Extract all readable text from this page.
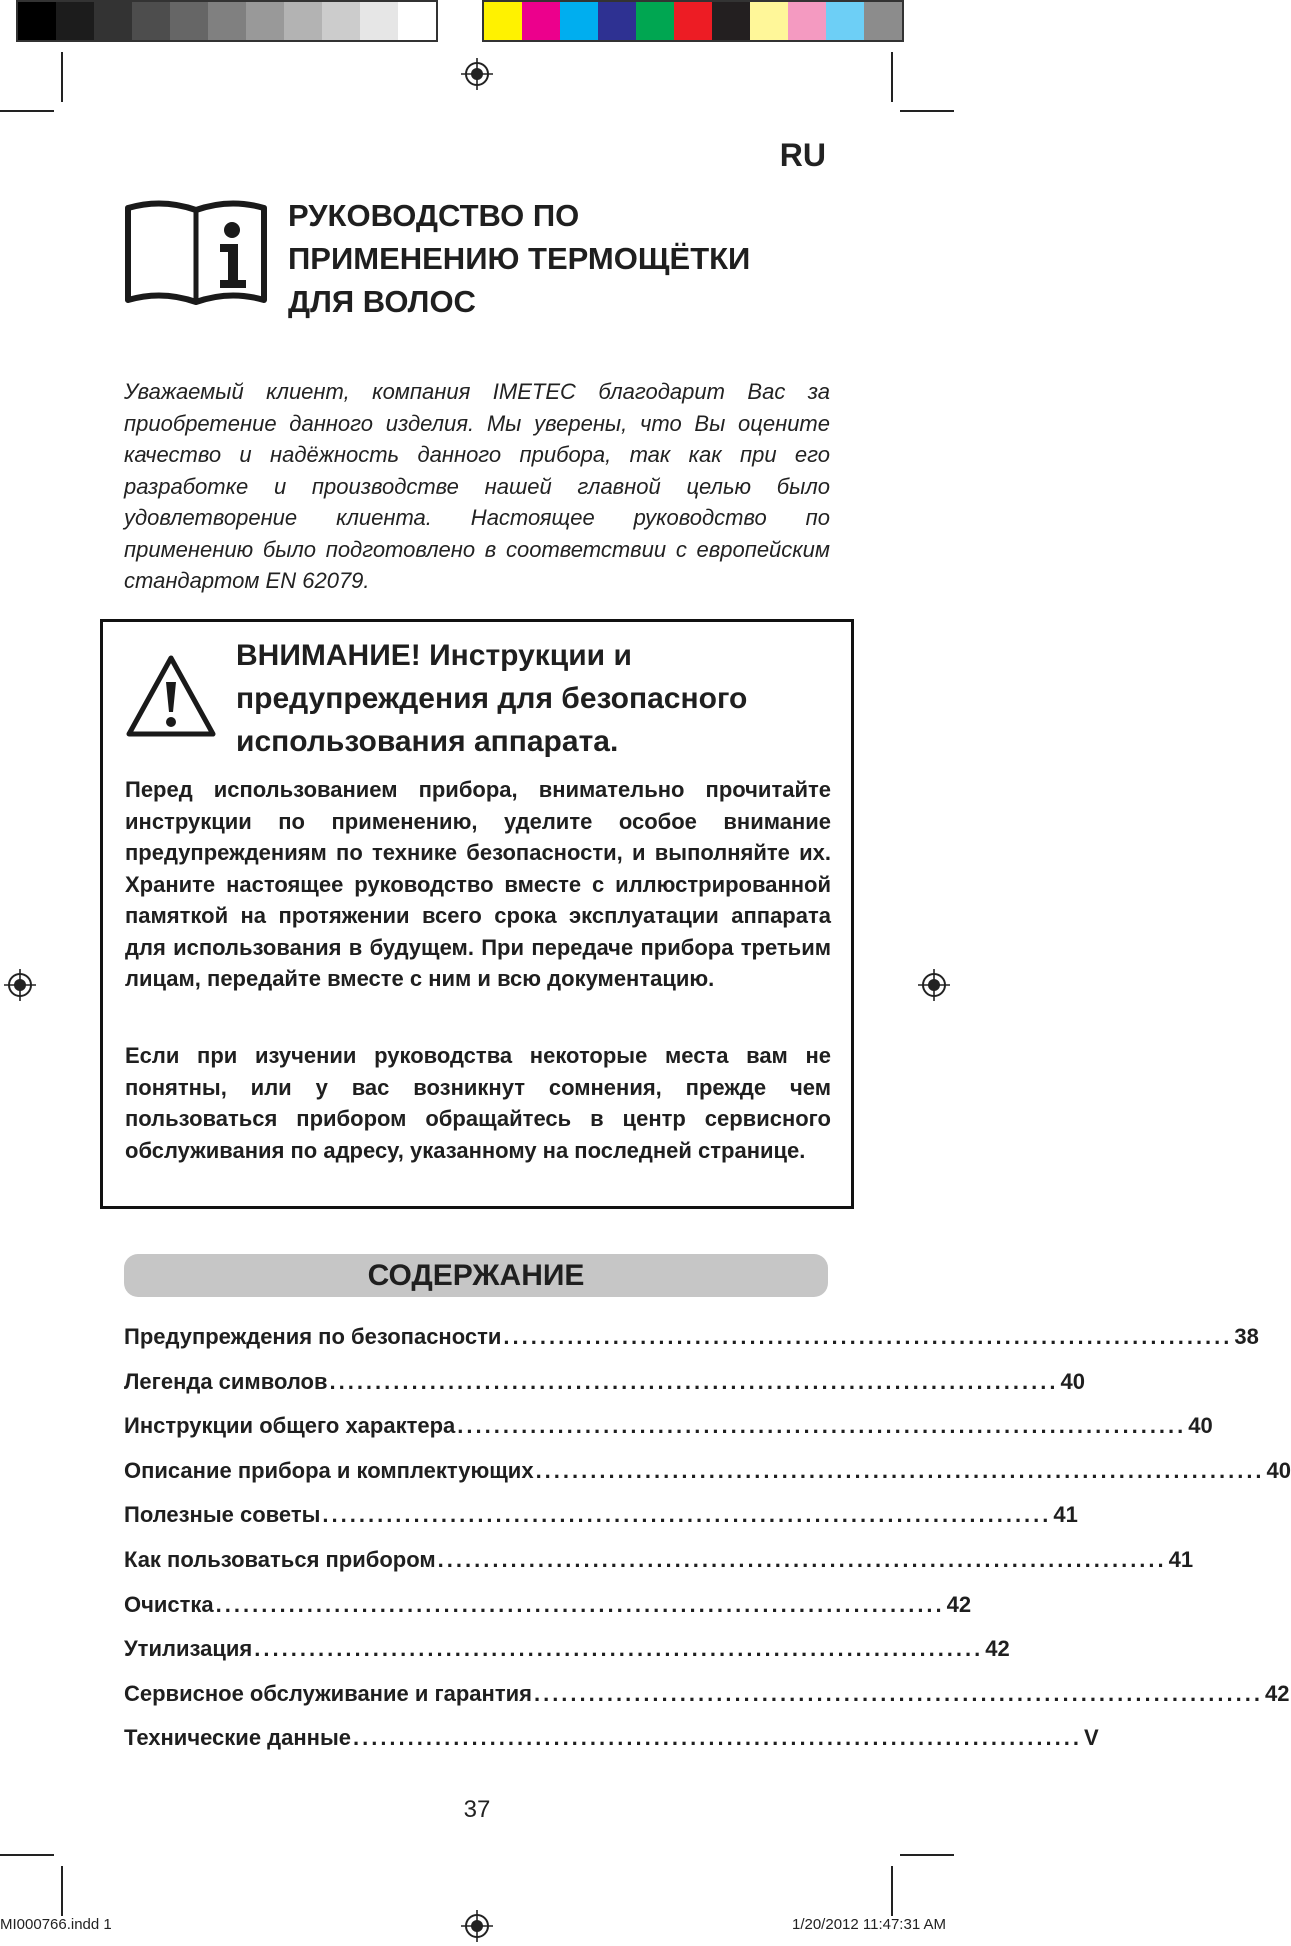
RU
РУКОВОДСТВО ПО
ПРИМЕНЕНИЮ ТЕРМОЩЁТКИ
ДЛЯ ВОЛОС
Уважаемый клиент, компания IMETEC благодарит Вас за приобретение данного изделия. Мы уверены, что Вы оцените качество и надёжность данного прибора, так как при его разработке и производстве нашей главной целью было удовлетворение клиента. Настоящее руководство по применению было подготовлено в соответствии с европейским стандартом EN 62079.
ВНИМАНИЕ! Инструкции и предупреждения для безопасного использования аппарата.
Перед использованием прибора, внимательно прочитайте инструкции по применению, уделите особое внимание предупреждениям по технике безопасности, и выполняйте их. Храните настоящее руководство вместе с иллюстрированной памяткой на протяжении всего срока эксплуатации аппарата для использования в будущем. При передаче прибора третьим лицам, передайте вместе с ним и всю документацию.
Если при изучении руководства некоторые места вам не понятны, или у вас возникнут сомнения, прежде чем пользоваться прибором обращайтесь в центр сервисного обслуживания по адресу, указанному на последней странице.
СОДЕРЖАНИЕ
Предупреждения по безопасности ................................................................................ 38
Легенда символов ................................................................................ 40
Инструкции общего характера ................................................................................ 40
Описание прибора и комплектующих ................................................................................ 40
Полезные советы ................................................................................ 41
Как пользоваться прибором ................................................................................ 41
Очистка ................................................................................ 42
Утилизация ................................................................................ 42
Сервисное обслуживание и гарантия ................................................................................ 42
Технические данные ................................................................................ V
37
MI000766.indd 1	1/20/2012 11:47:31 AM
